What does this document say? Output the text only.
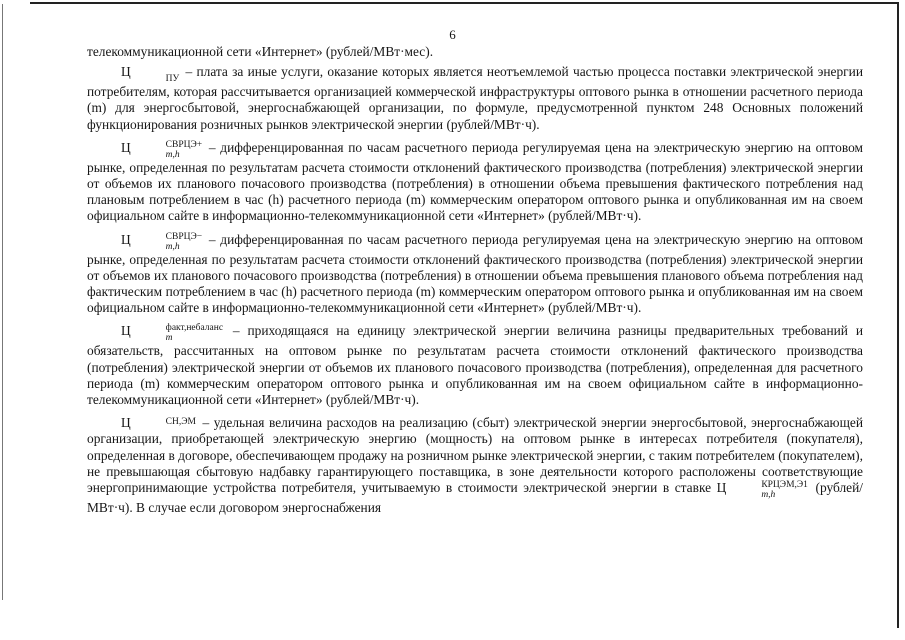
6

телекоммуникационной сети «Интернет» (рублей/МВт·мес).

Ц	ПУ – плата за иные услуги, оказание которых является неотъемлемой частью процесса поставки электрической энергии потребителям, которая рассчитывается организацией коммерческой инфраструктуры оптового рынка в отношении расчетного периода (m) для энергосбытовой, энергоснабжающей организации, по формуле, предусмотренной пунктом 248 Основных положений функционирования розничных рынков электрической энергии (рублей/МВт·ч).

Ц	СВРЦЭ+
m,h	– дифференцированная по часам расчетного периода регулируемая цена на электрическую энергию на оптовом рынке, определенная по результатам расчета стоимости отклонений фактического производства (потребления) электрической энергии от объемов их планового почасового производства (потребления) в отношении объема превышения фактического потребления над плановым потреблением в час (h) расчетного периода (m) коммерческим оператором оптового рынка и опубликованная им на своем официальном сайте в информационно-телекоммуникационной сети «Интернет» (рублей/МВт·ч).

Ц	СВРЦЭ−
m,h	– дифференцированная по часам расчетного периода регулируемая цена на электрическую энергию на оптовом рынке, определенная по результатам расчета стоимости отклонений фактического производства (потребления) электрической энергии от объемов их планового почасового производства (потребления) в отношении объема превышения планового объема потребления над фактическим потреблением в час (h) расчетного периода (m) коммерческим оператором оптового рынка и опубликованная им на своем официальном сайте в информационно-телекоммуникационной сети «Интернет» (рублей/МВт·ч).

Ц	факт,небаланс
m	– приходящаяся на единицу электрической энергии величина разницы предварительных требований и обязательств, рассчитанных на оптовом рынке по результатам расчета стоимости отклонений фактического производства (потребления) электрической энергии от объемов их планового почасового производства (потребления), определенная для расчетного периода (m) коммерческим оператором оптового рынка и опубликованная им на своем официальном сайте в информационно-телекоммуникационной сети «Интернет» (рублей/МВт·ч).

Ц	СН,ЭМ – удельная величина расходов на реализацию (сбыт) электрической энергии энергосбытовой, энергоснабжающей организации, приобретающей электрическую энергию (мощность) на оптовом рынке в интересах потребителя (покупателя), определенная в договоре, обеспечивающем продажу на розничном рынке электрической энергии, с таким потребителем (покупателем), не превышающая сбытовую надбавку гарантирующего поставщика, в зоне деятельности которого расположены соответствующие энергопринимающие устройства потребителя, учитываемую в стоимости электрической энергии в ставке Ц	КРЦЭМ,Э1
m,h	(рублей/МВт·ч). В случае если договором энергоснабжения
